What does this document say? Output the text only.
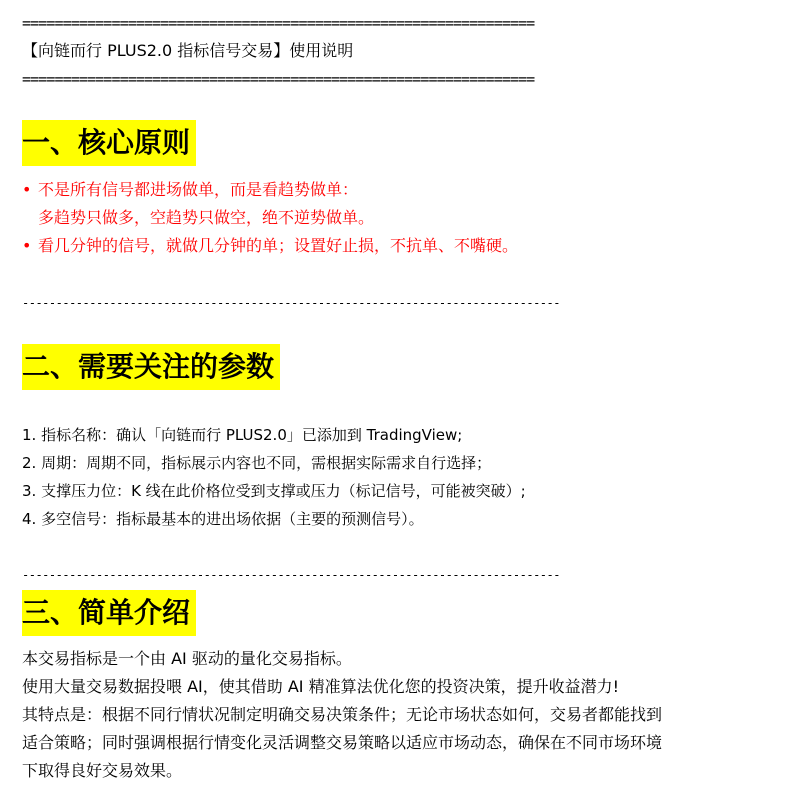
===============================================================
【向链而行 PLUS2.0 指标信号交易】使用说明
===============================================================
一、核心原则
• 不是所有信号都进场做单，而是看趋势做单：
多趋势只做多，空趋势只做空，绝不逆势做单。
• 看几分钟的信号，就做几分钟的单；设置好止损，不抗单、不嘴硬。
--------------------------------------------------------------------------------
二、需要关注的参数
1. 指标名称：确认「向链而行 PLUS2.0」已添加到 TradingView;
2. 周期：周期不同，指标展示内容也不同，需根据实际需求自行选择；
3. 支撑压力位：K 线在此价格位受到支撑或压力（标记信号，可能被突破）;
4. 多空信号：指标最基本的进出场依据（主要的预测信号）。
--------------------------------------------------------------------------------
三、简单介绍
本交易指标是一个由 AI 驱动的量化交易指标。
使用大量交易数据投喂 AI，使其借助 AI 精准算法优化您的投资决策，提升收益潜力!
其特点是：根据不同行情状况制定明确交易决策条件；无论市场状态如何，交易者都能找到
适合策略；同时强调根据行情变化灵活调整交易策略以适应市场动态，确保在不同市场环境
下取得良好交易效果。
